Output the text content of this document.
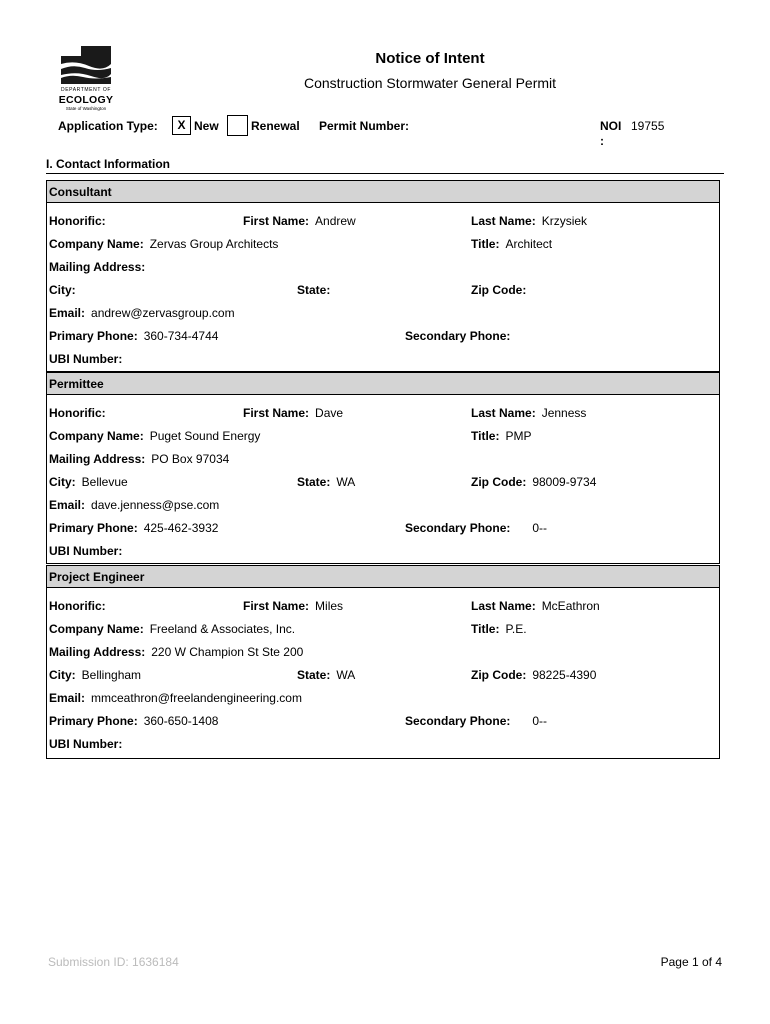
DEPARTMENT OF
ECOLOGY
State of Washington
Notice of Intent
Construction Stormwater General Permit
Application Type:	X New	Renewal Permit Number:	NOI :
19755
I. Contact Information
Consultant
Honorific:	First Name: Andrew	Last Name: Krzysiek
Company Name: Zervas Group Architects	Title: Architect
Mailing Address:
City:	State:	Zip Code:
Email: andrew@zervasgroup.com
Primary Phone: 360-734-4744	Secondary Phone:
UBI Number:
Permittee
Honorific:	First Name: Dave	Last Name: Jenness
Company Name: Puget Sound Energy	Title: PMP
Mailing Address: PO Box 97034
City: Bellevue	State: WA	Zip Code: 98009-9734
Email: dave.jenness@pse.com
Primary Phone: 425-462-3932	Secondary Phone: 0--
UBI Number:
Project Engineer
Honorific:	First Name: Miles	Last Name: McEathron
Company Name: Freeland & Associates, Inc.	Title: P.E.
Mailing Address: 220 W Champion St Ste 200
City: Bellingham	State: WA	Zip Code: 98225-4390
Email: mmceathron@freelandengineering.com
Primary Phone: 360-650-1408	Secondary Phone: 0--
UBI Number:
Submission ID: 1636184	Page 1 of 4
